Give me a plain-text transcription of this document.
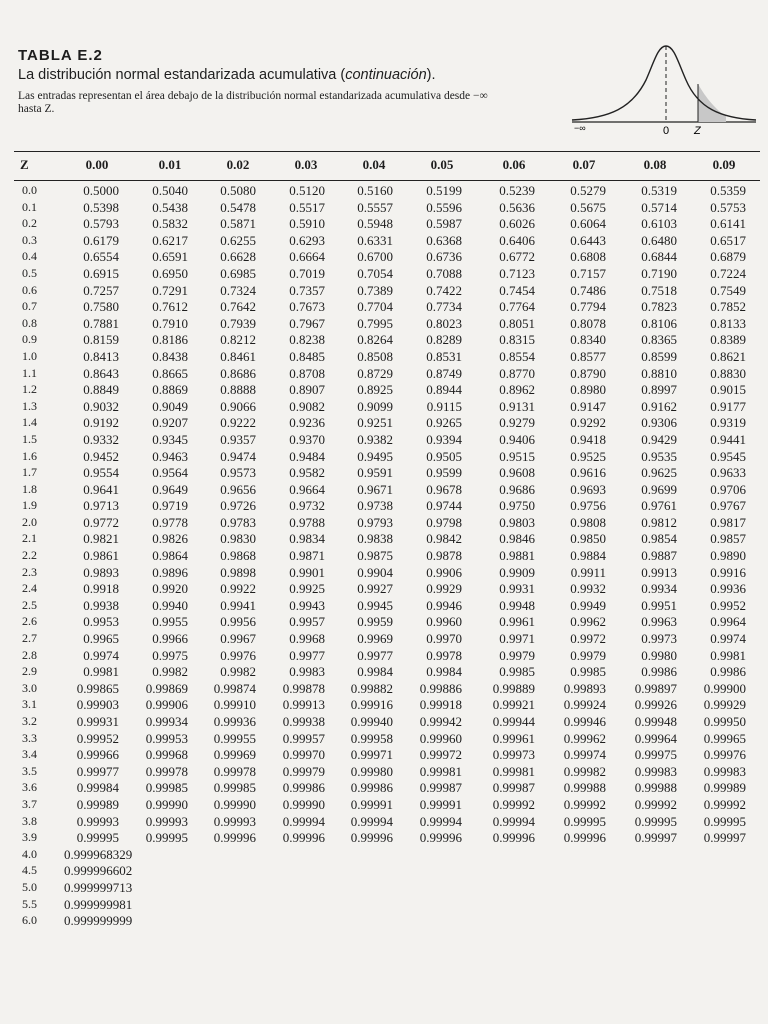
TABLA E.2
La distribución normal estandarizada acumulativa (continuación).
Las entradas representan el área debajo de la distribución normal estandarizada acumulativa desde −∞ hasta Z.
−∞	0 Z
Z	0.00	0.01	0.02	0.03	0.04	0.05	0.06	0.07	0.08	0.09
0.0	0.5000	0.5040	0.5080	0.5120	0.5160	0.5199	0.5239	0.5279	0.5319	0.5359
0.1	0.5398	0.5438	0.5478	0.5517	0.5557	0.5596	0.5636	0.5675	0.5714	0.5753
0.2	0.5793	0.5832	0.5871	0.5910	0.5948	0.5987	0.6026	0.6064	0.6103	0.6141
0.3	0.6179	0.6217	0.6255	0.6293	0.6331	0.6368	0.6406	0.6443	0.6480	0.6517
0.4	0.6554	0.6591	0.6628	0.6664	0.6700	0.6736	0.6772	0.6808	0.6844	0.6879
0.5	0.6915	0.6950	0.6985	0.7019	0.7054	0.7088	0.7123	0.7157	0.7190	0.7224
0.6	0.7257	0.7291	0.7324	0.7357	0.7389	0.7422	0.7454	0.7486	0.7518	0.7549
0.7	0.7580	0.7612	0.7642	0.7673	0.7704	0.7734	0.7764	0.7794	0.7823	0.7852
0.8	0.7881	0.7910	0.7939	0.7967	0.7995	0.8023	0.8051	0.8078	0.8106	0.8133
0.9	0.8159	0.8186	0.8212	0.8238	0.8264	0.8289	0.8315	0.8340	0.8365	0.8389
1.0	0.8413	0.8438	0.8461	0.8485	0.8508	0.8531	0.8554	0.8577	0.8599	0.8621
1.1	0.8643	0.8665	0.8686	0.8708	0.8729	0.8749	0.8770	0.8790	0.8810	0.8830
1.2	0.8849	0.8869	0.8888	0.8907	0.8925	0.8944	0.8962	0.8980	0.8997	0.9015
1.3	0.9032	0.9049	0.9066	0.9082	0.9099	0.9115	0.9131	0.9147	0.9162	0.9177
1.4	0.9192	0.9207	0.9222	0.9236	0.9251	0.9265	0.9279	0.9292	0.9306	0.9319
1.5	0.9332	0.9345	0.9357	0.9370	0.9382	0.9394	0.9406	0.9418	0.9429	0.9441
1.6	0.9452	0.9463	0.9474	0.9484	0.9495	0.9505	0.9515	0.9525	0.9535	0.9545
1.7	0.9554	0.9564	0.9573	0.9582	0.9591	0.9599	0.9608	0.9616	0.9625	0.9633
1.8	0.9641	0.9649	0.9656	0.9664	0.9671	0.9678	0.9686	0.9693	0.9699	0.9706
1.9	0.9713	0.9719	0.9726	0.9732	0.9738	0.9744	0.9750	0.9756	0.9761	0.9767
2.0	0.9772	0.9778	0.9783	0.9788	0.9793	0.9798	0.9803	0.9808	0.9812	0.9817
2.1	0.9821	0.9826	0.9830	0.9834	0.9838	0.9842	0.9846	0.9850	0.9854	0.9857
2.2	0.9861	0.9864	0.9868	0.9871	0.9875	0.9878	0.9881	0.9884	0.9887	0.9890
2.3	0.9893	0.9896	0.9898	0.9901	0.9904	0.9906	0.9909	0.9911	0.9913	0.9916
2.4	0.9918	0.9920	0.9922	0.9925	0.9927	0.9929	0.9931	0.9932	0.9934	0.9936
2.5	0.9938	0.9940	0.9941	0.9943	0.9945	0.9946	0.9948	0.9949	0.9951	0.9952
2.6	0.9953	0.9955	0.9956	0.9957	0.9959	0.9960	0.9961	0.9962	0.9963	0.9964
2.7	0.9965	0.9966	0.9967	0.9968	0.9969	0.9970	0.9971	0.9972	0.9973	0.9974
2.8	0.9974	0.9975	0.9976	0.9977	0.9977	0.9978	0.9979	0.9979	0.9980	0.9981
2.9	0.9981	0.9982	0.9982	0.9983	0.9984	0.9984	0.9985	0.9985	0.9986	0.9986
3.0	0.99865	0.99869	0.99874	0.99878	0.99882	0.99886	0.99889	0.99893	0.99897	0.99900
3.1	0.99903	0.99906	0.99910	0.99913	0.99916	0.99918	0.99921	0.99924	0.99926	0.99929
3.2	0.99931	0.99934	0.99936	0.99938	0.99940	0.99942	0.99944	0.99946	0.99948	0.99950
3.3	0.99952	0.99953	0.99955	0.99957	0.99958	0.99960	0.99961	0.99962	0.99964	0.99965
3.4	0.99966	0.99968	0.99969	0.99970	0.99971	0.99972	0.99973	0.99974	0.99975	0.99976
3.5	0.99977	0.99978	0.99978	0.99979	0.99980	0.99981	0.99981	0.99982	0.99983	0.99983
3.6	0.99984	0.99985	0.99985	0.99986	0.99986	0.99987	0.99987	0.99988	0.99988	0.99989
3.7	0.99989	0.99990	0.99990	0.99990	0.99991	0.99991	0.99992	0.99992	0.99992	0.99992
3.8	0.99993	0.99993	0.99993	0.99994	0.99994	0.99994	0.99994	0.99995	0.99995	0.99995
3.9	0.99995	0.99995	0.99996	0.99996	0.99996	0.99996	0.99996	0.99996	0.99997	0.99997
4.0 0.999968329
4.5 0.999996602
5.0 0.999999713
5.5 0.999999981
6.0 0.999999999
